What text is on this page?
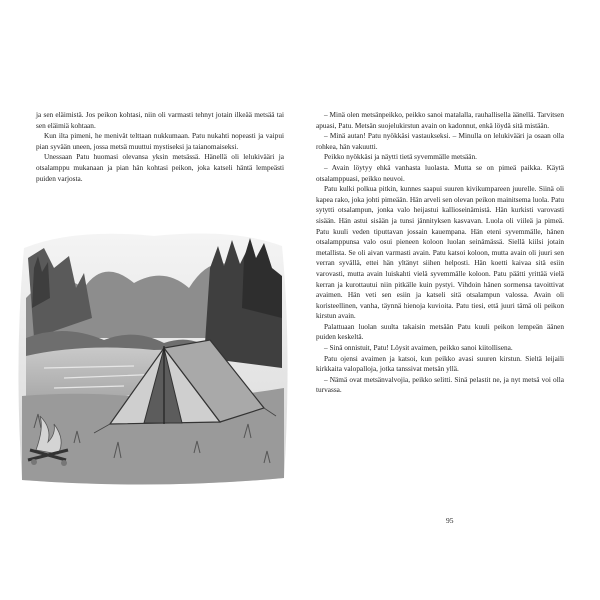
ja sen eläimistä. Jos peikon kohtasi, niin oli varmasti tehnyt jotain ilkeää metsää tai sen eläimiä kohtaan.

Kun ilta pimeni, he menivät telttaan nukkumaan. Patu nukahti nopeasti ja vaipui pian syvään uneen, jossa metsä muuttui mystiseksi ja taianomaiseksi.

Unessaan Patu huomasi olevansa yksin metsässä. Hänellä oli lelukiväärі ja otsalamppu mukanaan ja pian hän kohtasi peikon, joka katseli häntä lempeästi puiden varjosta.

– Minä olen metsänpeikko, peikko sanoi matalalla, rauhallisella äänellä. Tarvitsen apuasi, Patu. Metsän suojelukirstun avain on kadonnut, enkä löydä sitä mistään.

– Minä autan! Patu nyökkäsi vastaukseksi. – Minulla on lelukivääri ja osaan olla rohkea, hän vakuutti.

Peikko nyökkäsi ja näytti tietä syvemmälle metsään.

– Avain löytyy ehkä vanhasta luolasta. Mutta se on pimeä paikka. Käytä otsalamppuasi, peikko neuvoi.

Patu kulki polkua pitkin, kunnes saapui suuren kivikumpareen juurelle. Siinä oli kapea rako, joka johti pimeään. Hän arveli sen olevan peikon mainitsema luola. Patu sytytti otsalampun, jonka valo heijastui kallioseinämistä. Hän kurkisti varovasti sisään. Hän astui sisään ja tunsi jännityksen kasvavan. Luola oli viileä ja pimeä. Patu kuuli veden tiputtavan jossain kauempana. Hän eteni syvemmälle, hänen otsalamppunsa valo osui pieneen koloon luolan seinämässä. Siellä kiilsi jotain metallista. Se oli aivan varmasti avain. Patu katsoi koloon, mutta avain oli juuri sen verran syvällä, ettei hän yltänyt siihen helposti. Hän koetti kaivaa sitä esiin varovasti, mutta avain luiskahti vielä syvemmälle koloon. Patu päätti yrittää vielä kerran ja kurottautui niin pitkälle kuin pystyi. Vihdoin hänen sormensa tavoittivat avaimen. Hän veti sen esiin ja katseli sitä otsalampun valossa. Avain oli koristeellinen, vanha, täynnä hienoja kuvioita. Patu tiesi, että juuri tämä oli peikon kirstun avain.

Palattuaan luolan suulta takaisin metsään Patu kuuli peikon lempeän äänen puiden keskeltä.

– Sinä onnistuit, Patu! Löysit avaimen, peikko sanoi kiitollisena.

Patu ojensi avaimen ja katsoi, kun peikko avasi suuren kirstun. Sieltä leijaili kirkkaita valopalloja, jotka tanssivat metsän yllä.

– Nämä ovat metsänvalvojia, peikko selitti. Sinä pelastit ne, ja nyt metsä voi olla turvassa.

95
